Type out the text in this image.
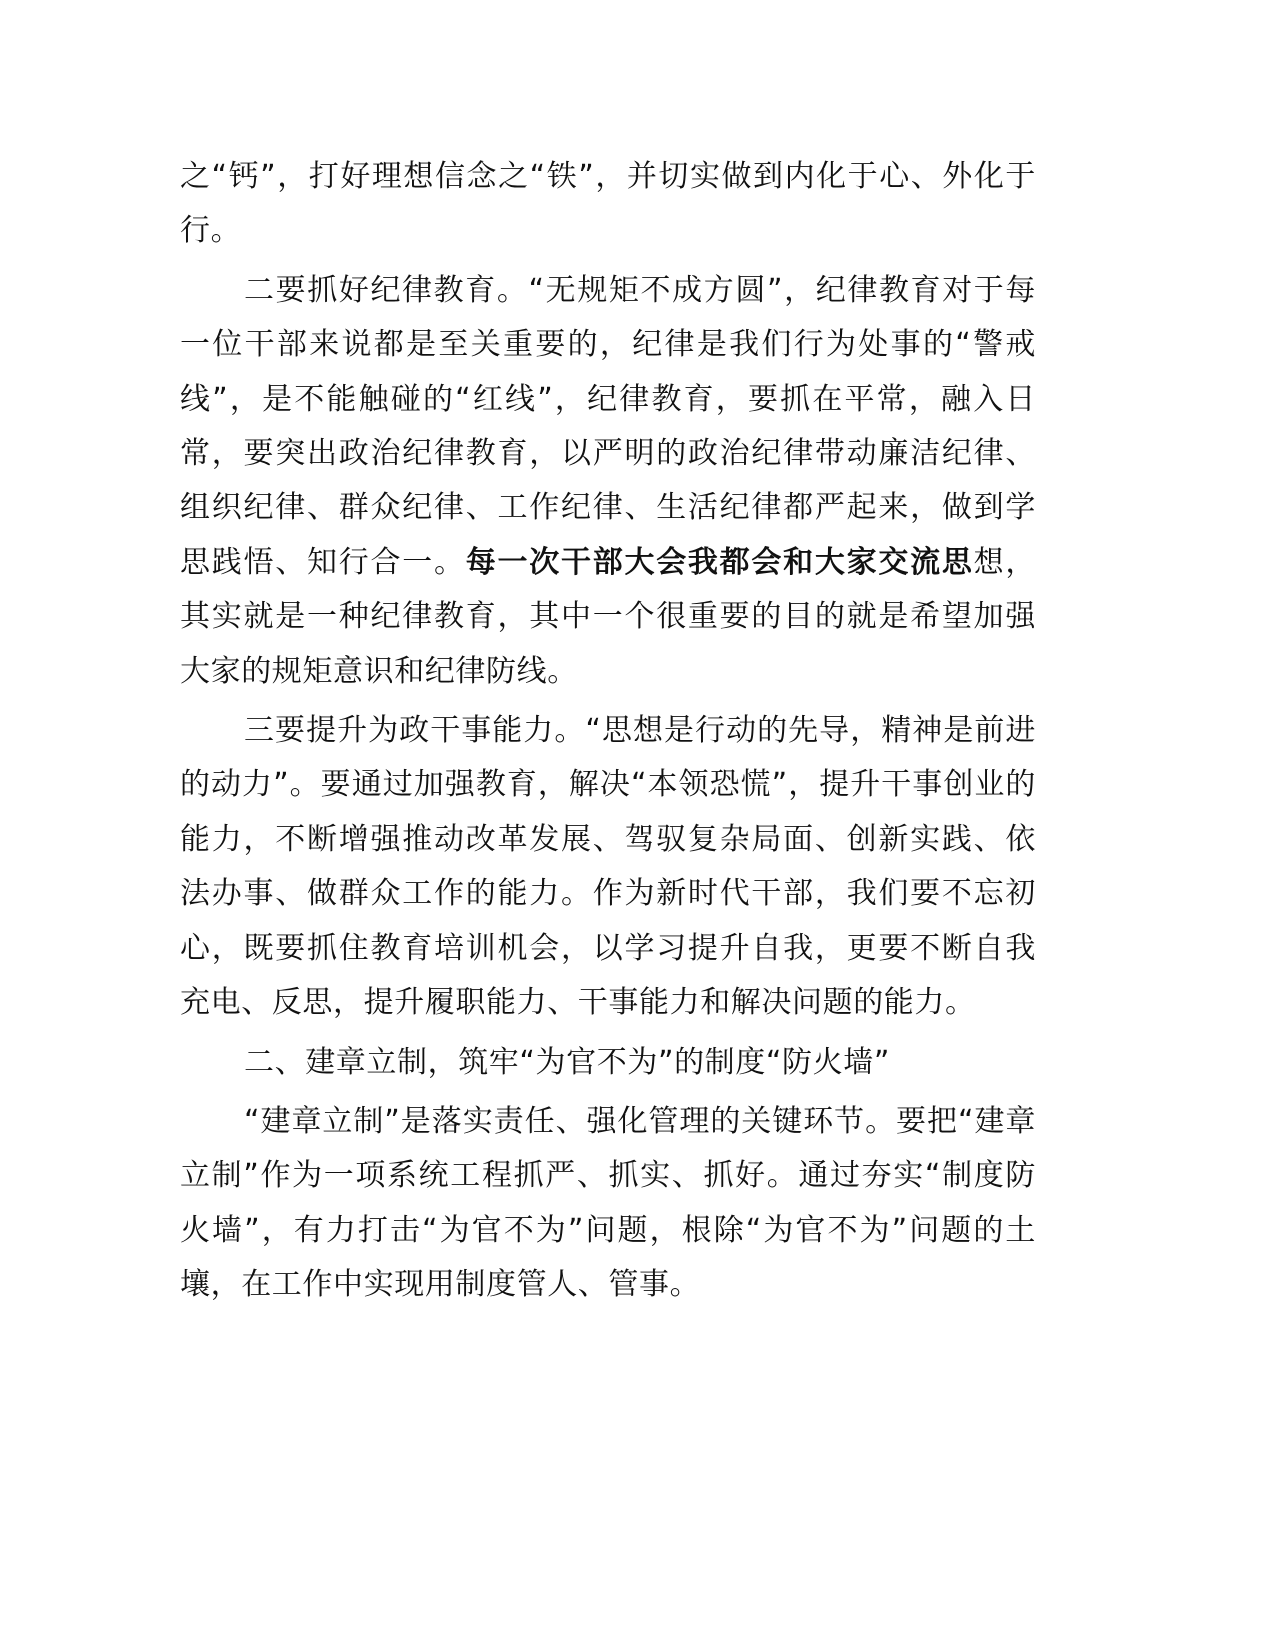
之“钙”，打好理想信念之“铁”，并切实做到内化于心、外化于行。

二要抓好纪律教育。“无规矩不成方圆”，纪律教育对于每一位干部来说都是至关重要的，纪律是我们行为处事的“警戒线”，是不能触碰的“红线”，纪律教育，要抓在平常，融入日常，要突出政治纪律教育，以严明的政治纪律带动廉洁纪律、组织纪律、群众纪律、工作纪律、生活纪律都严起来，做到学思践悟、知行合一。每一次干部大会我都会和大家交流思想，其实就是一种纪律教育，其中一个很重要的目的就是希望加强大家的规矩意识和纪律防线。

三要提升为政干事能力。“思想是行动的先导，精神是前进的动力”。要通过加强教育，解决“本领恐慌”，提升干事创业的能力，不断增强推动改革发展、驾驭复杂局面、创新实践、依法办事、做群众工作的能力。作为新时代干部，我们要不忘初心，既要抓住教育培训机会，以学习提升自我，更要不断自我充电、反思，提升履职能力、干事能力和解决问题的能力。

二、建章立制，筑牢“为官不为”的制度“防火墙”

“建章立制”是落实责任、强化管理的关键环节。要把“建章立制”作为一项系统工程抓严、抓实、抓好。通过夯实“制度防火墙”，有力打击“为官不为”问题，根除“为官不为”问题的土壤，在工作中实现用制度管人、管事。
